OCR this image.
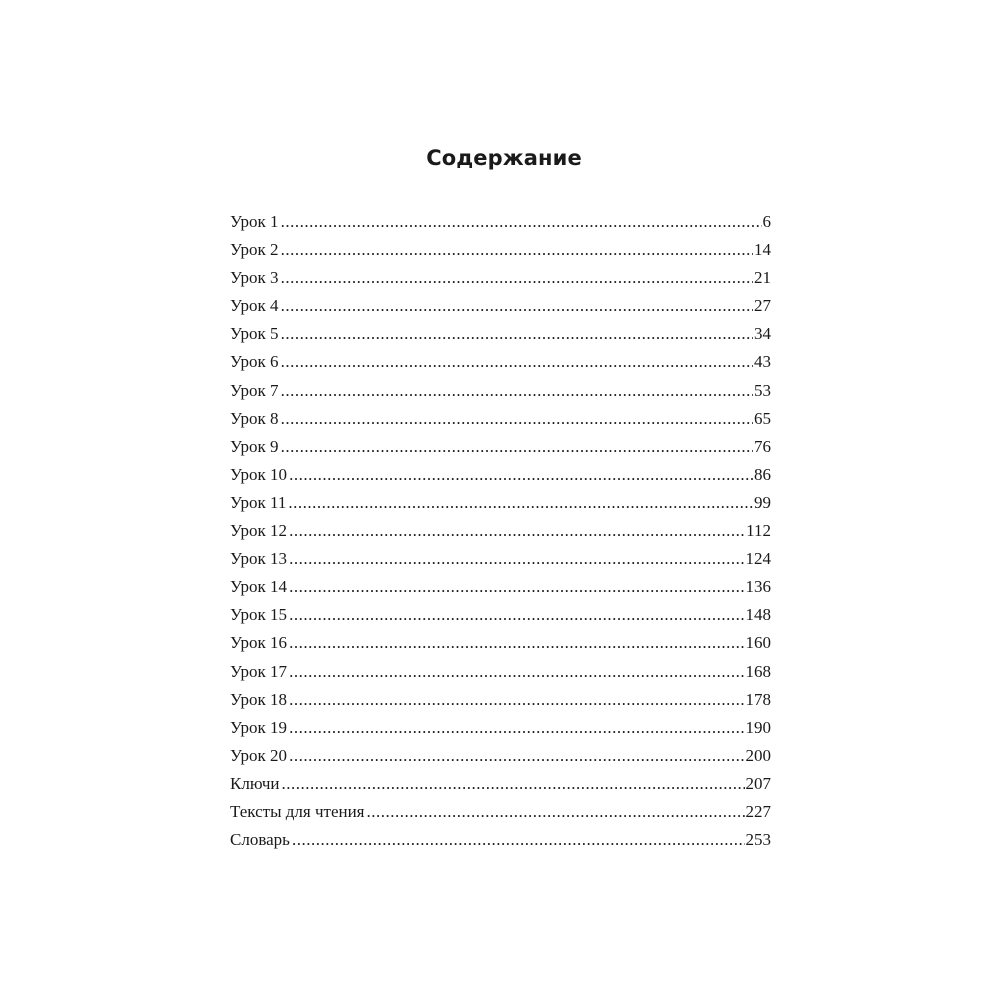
Содержание
Урок 1 .....	6
Урок 2 .....	14
Урок 3 .....	21
Урок 4 .....	27
Урок 5 .....	34
Урок 6 .....	43
Урок 7 .....	53
Урок 8 .....	65
Урок 9 .....	76
Урок 10 .....	86
Урок 11 .....	99
Урок 12 .....	112
Урок 13 .....	124
Урок 14 .....	136
Урок 15 .....	148
Урок 16 .....	160
Урок 17 .....	168
Урок 18 .....	178
Урок 19 .....	190
Урок 20 .....	200
Ключи .....	207
Тексты для чтения .....	227
Словарь .....	253
